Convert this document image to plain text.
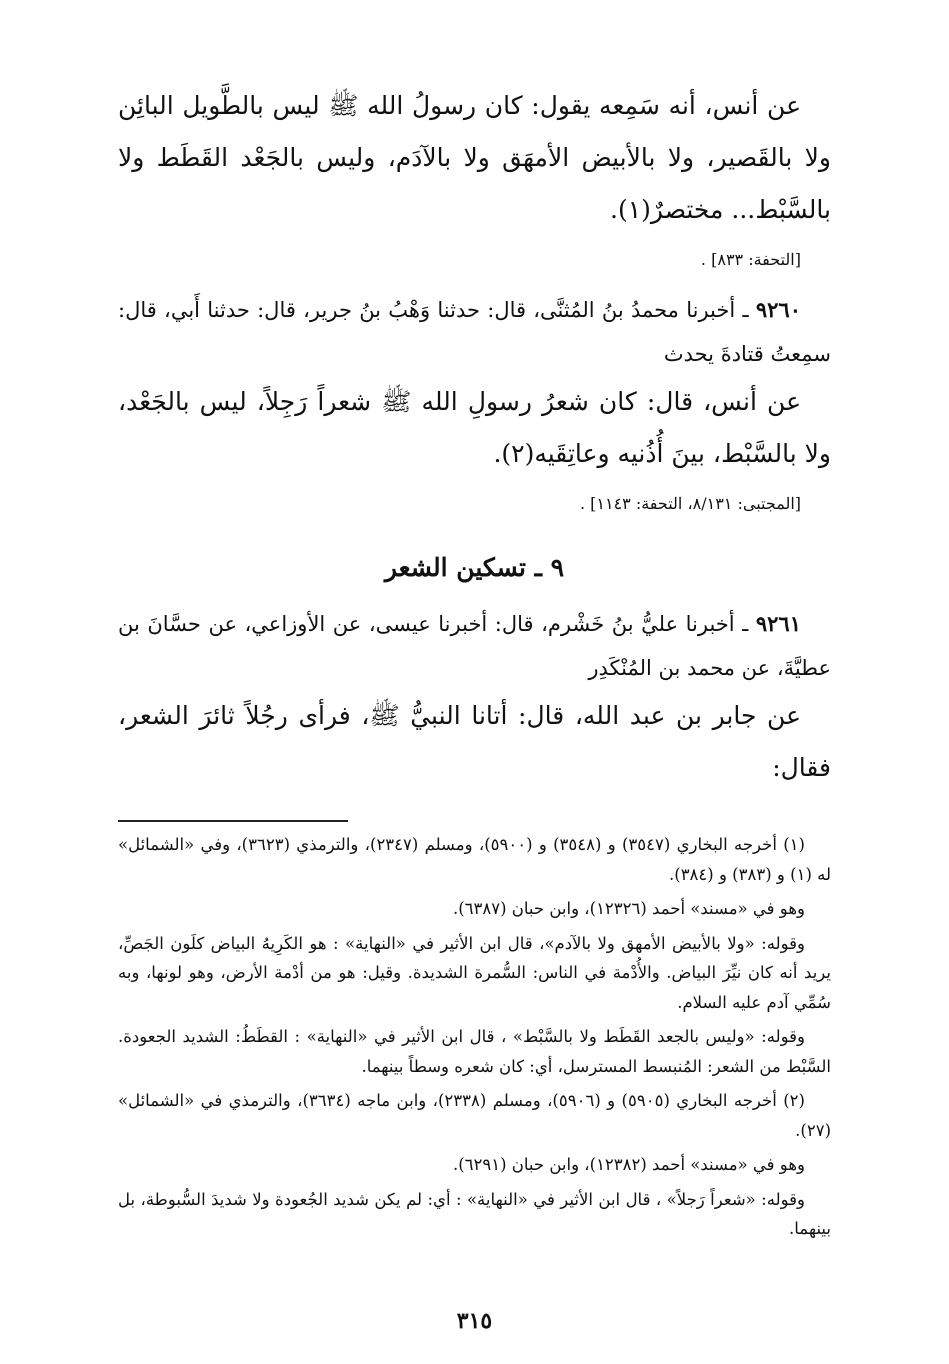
عن أنس، أنه سَمِعه يقول: كان رسولُ الله ﷺ ليس بالطَّويل البائِن ولا بالقَصير، ولا بالأبيض الأمهَق ولا بالآدَم، وليس بالجَعْد القَطَط ولا بالسَّبْط... مختصرٌ(١).

[التحفة: ٨٣٣] .

٩٢٦٠ ـ أخبرنا محمدُ بنُ المُثنَّى، قال: حدثنا وَهْبُ بنُ جرير، قال: حدثنا أَبي، قال: سمِعتُ قتادةَ يحدث

عن أنس، قال: كان شعرُ رسولِ الله ﷺ شعراً رَجِلاً، ليس بالجَعْد، ولا بالسَّبْط، بينَ أُذُنيه وعاتِقَيه(٢).

[المجتبى: ٨/١٣١، التحفة: ١١٤٣] .

٩ ـ تسكين الشعر

٩٢٦١ ـ أخبرنا عليُّ بنُ خَشْرم، قال: أخبرنا عيسى، عن الأوزاعي، عن حسَّانَ بن عطيَّةَ، عن محمد بن المُنْكَدِر

عن جابر بن عبد الله، قال: أتانا النبيُّ ﷺ، فرأى رجُلاً ثائرَ الشعر، فقال:

(١) أخرجه البخاري (٣٥٤٧) و (٣٥٤٨) و (٥٩٠٠)، ومسلم (٢٣٤٧)، والترمذي (٣٦٢٣)، وفي «الشمائل» له (١) و (٣٨٣) و (٣٨٤).

وهو في «مسند» أحمد (١٢٣٢٦)، وابن حبان (٦٣٨٧).

وقوله: «ولا بالأبيض الأمهق ولا بالآدم»، قال ابن الأثير في «النهاية» : هو الكَرِيهُ البياض كلَون الجَصِّ، يريد أنه كان نيِّرَ البياض. والأُدْمة في الناس: السُّمرة الشديدة. وقيل: هو من أدْمة الأرض، وهو لونها، وبه سُمِّي آدم عليه السلام.

وقوله: «وليس بالجعد القَطَط ولا بالسَّبْط» ، قال ابن الأثير في «النهاية» : القطَطُ: الشديد الجعودة. السَّبْط من الشعر: المُنبسط المسترسل، أي: كان شعره وسطاً بينهما.

(٢) أخرجه البخاري (٥٩٠٥) و (٥٩٠٦)، ومسلم (٢٣٣٨)، وابن ماجه (٣٦٣٤)، والترمذي في «الشمائل» (٢٧).

وهو في «مسند» أحمد (١٢٣٨٢)، وابن حبان (٦٢٩١).

وقوله: «شعراً رَجلاً» ، قال ابن الأثير في «النهاية» : أي: لم يكن شديد الجُعودة ولا شديدَ السُّبوطة، بل بينهما.

٣١٥
